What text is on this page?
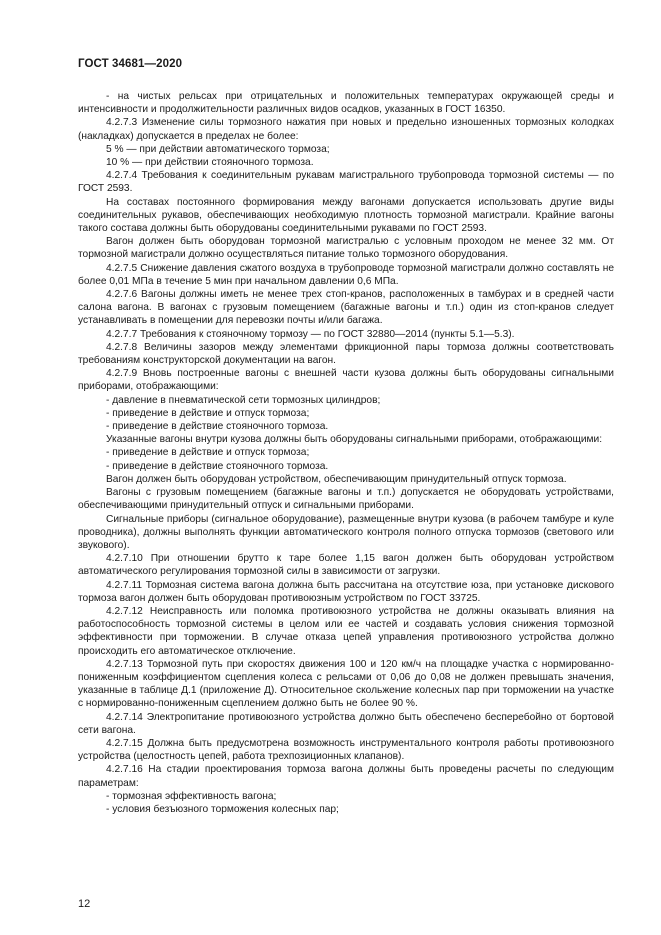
ГОСТ 34681—2020

- на чистых рельсах при отрицательных и положительных температурах окружающей среды и интенсивности и продолжительности различных видов осадков, указанных в ГОСТ 16350.

4.2.7.3 Изменение силы тормозного нажатия при новых и предельно изношенных тормозных колодках (накладках) допускается в пределах не более:

5 % — при действии автоматического тормоза;

10 % — при действии стояночного тормоза.

4.2.7.4 Требования к соединительным рукавам магистрального трубопровода тормозной системы — по ГОСТ 2593.

На составах постоянного формирования между вагонами допускается использовать другие виды соединительных рукавов, обеспечивающих необходимую плотность тормозной магистрали. Крайние вагоны такого состава должны быть оборудованы соединительными рукавами по ГОСТ 2593.

Вагон должен быть оборудован тормозной магистралью с условным проходом не менее 32 мм. От тормозной магистрали должно осуществляться питание только тормозного оборудования.

4.2.7.5 Снижение давления сжатого воздуха в трубопроводе тормозной магистрали должно составлять не более 0,01 МПа в течение 5 мин при начальном давлении 0,6 МПа.

4.2.7.6 Вагоны должны иметь не менее трех стоп-кранов, расположенных в тамбурах и в средней части салона вагона. В вагонах с грузовым помещением (багажные вагоны и т.п.) один из стоп-кранов следует устанавливать в помещении для перевозки почты и/или багажа.

4.2.7.7 Требования к стояночному тормозу — по ГОСТ 32880—2014 (пункты 5.1—5.3).

4.2.7.8 Величины зазоров между элементами фрикционной пары тормоза должны соответствовать требованиям конструкторской документации на вагон.

4.2.7.9 Вновь построенные вагоны с внешней части кузова должны быть оборудованы сигнальными приборами, отображающими:

- давление в пневматической сети тормозных цилиндров;

- приведение в действие и отпуск тормоза;

- приведение в действие стояночного тормоза.

Указанные вагоны внутри кузова должны быть оборудованы сигнальными приборами, отображающими:

- приведение в действие и отпуск тормоза;

- приведение в действие стояночного тормоза.

Вагон должен быть оборудован устройством, обеспечивающим принудительный отпуск тормоза.

Вагоны с грузовым помещением (багажные вагоны и т.п.) допускается не оборудовать устройствами, обеспечивающими принудительный отпуск и сигнальными приборами.

Сигнальные приборы (сигнальное оборудование), размещенные внутри кузова (в рабочем тамбуре и куле проводника), должны выполнять функции автоматического контроля полного отпуска тормозов (светового или звукового).

4.2.7.10 При отношении брутто к таре более 1,15 вагон должен быть оборудован устройством автоматического регулирования тормозной силы в зависимости от загрузки.

4.2.7.11 Тормозная система вагона должна быть рассчитана на отсутствие юза, при установке дискового тормоза вагон должен быть оборудован противоюзным устройством по ГОСТ 33725.

4.2.7.12 Неисправность или поломка противоюзного устройства не должны оказывать влияния на работоспособность тормозной системы в целом или ее частей и создавать условия снижения тормозной эффективности при торможении. В случае отказа цепей управления противоюзного устройства должно происходить его автоматическое отключение.

4.2.7.13 Тормозной путь при скоростях движения 100 и 120 км/ч на площадке участка с нормированно-пониженным коэффициентом сцепления колеса с рельсами от 0,06 до 0,08 не должен превышать значения, указанные в таблице Д.1 (приложение Д). Относительное скольжение колесных пар при торможении на участке с нормированно-пониженным сцеплением должно быть не более 90 %.

4.2.7.14 Электропитание противоюзного устройства должно быть обеспечено бесперебойно от бортовой сети вагона.

4.2.7.15 Должна быть предусмотрена возможность инструментального контроля работы противоюзного устройства (целостность цепей, работа трехпозиционных клапанов).

4.2.7.16 На стадии проектирования тормоза вагона должны быть проведены расчеты по следующим параметрам:

- тормозная эффективность вагона;

- условия безъюзного торможения колесных пар;

12
